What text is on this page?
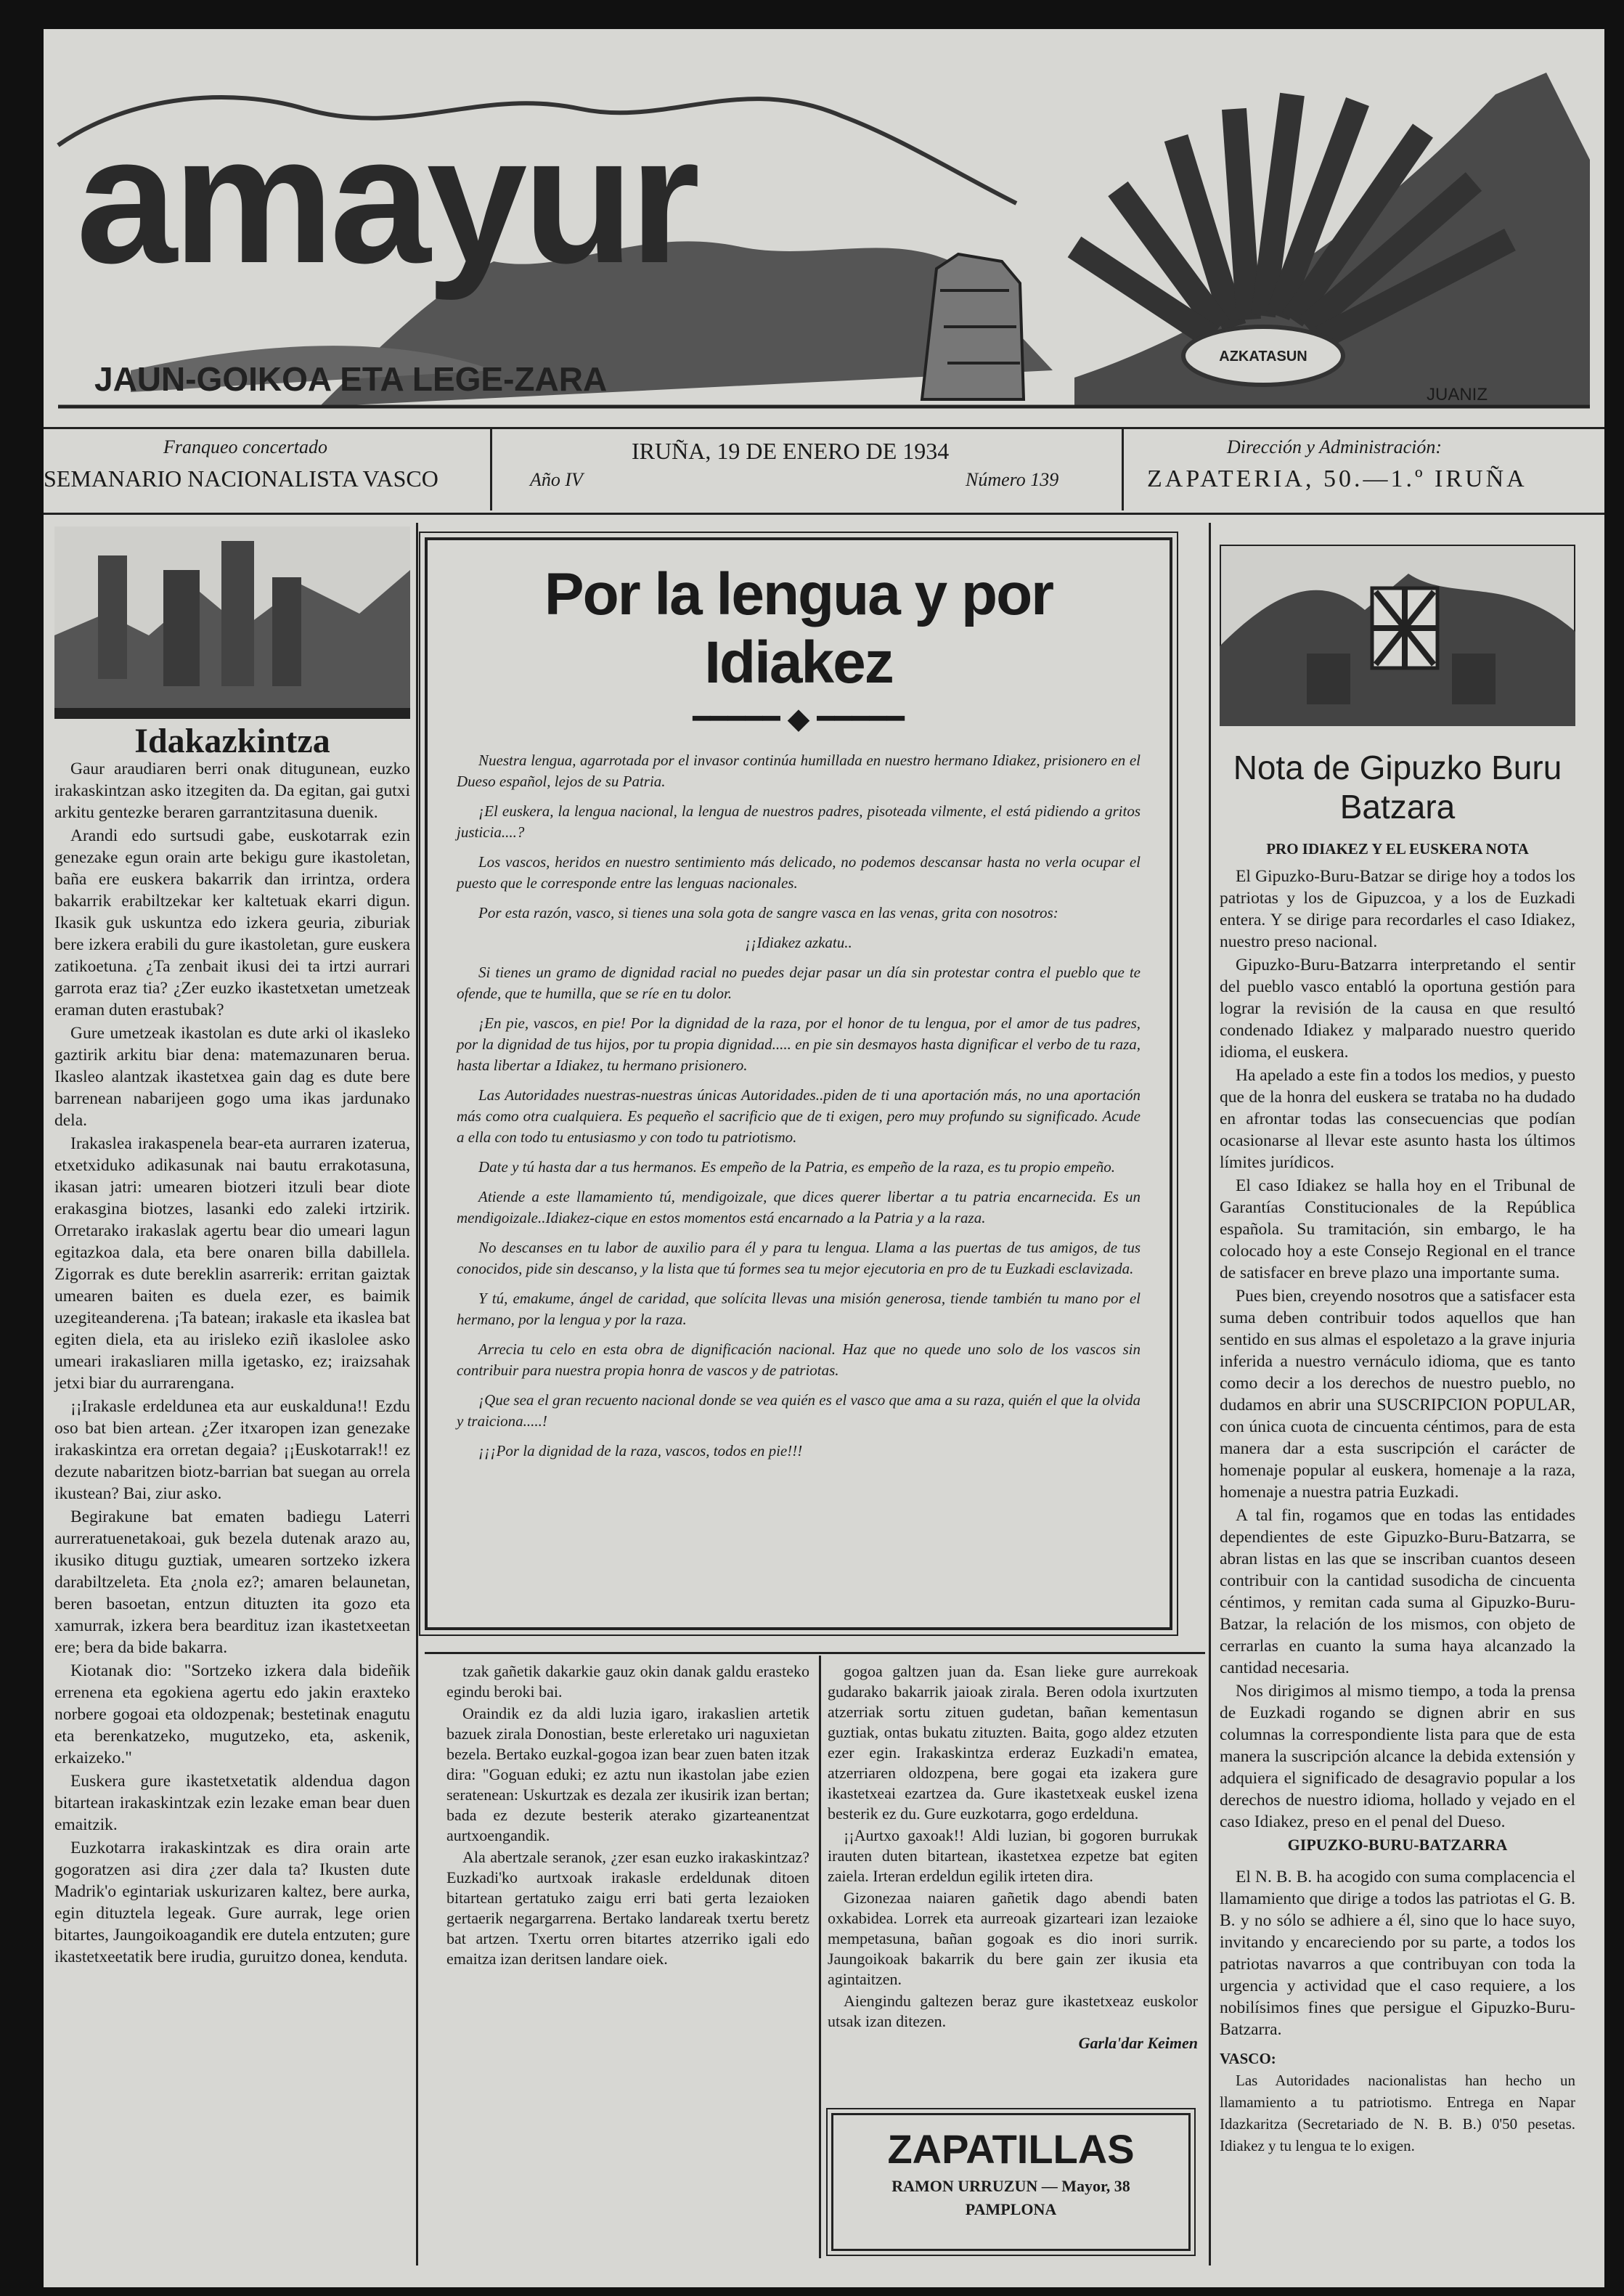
AZKATASUN
amayur
JAUN-GOIKOA ETA LEGE-ZARA	JUANIZ
Franqueo concertado
SEMANARIO NACIONALISTA VASCO
IRUÑA, 19 DE ENERO DE 1934
Año IV	Número 139
Dirección y Administración:
ZAPATERIA, 50.—1.º IRUÑA
Idakazkintza

Gaur araudiaren berri onak ditugunean, euzko irakaskintzan asko itzegiten da. Da egitan, gai gutxi arkitu gentezke beraren garrantzitasuna duenik.

Arandi edo surtsudi gabe, euskotarrak ezin genezake egun orain arte bekigu gure ikastoletan, baña ere euskera bakarrik dan irrintza, ordera bakarrik erabiltzekar ker kaltetuak ekarri digun. Ikasik guk uskuntza edo izkera geuria, ziburiak bere izkera erabili du gure ikastoletan, gure euskera zatikoetuna. ¿Ta zenbait ikusi dei ta irtzi aurrari garrota eraz tia? ¿Zer euzko ikastetxetan umetzeak eraman duten erastubak?

Gure umetzeak ikastolan es dute arki ol ikasleko gaztirik arkitu biar dena: matemazunaren berua. Ikasleo alantzak ikastetxea gain dag es dute bere barrenean nabarijeen gogo uma ikas jardunako dela.

Irakaslea irakaspenela bear-eta aurraren izaterua, etxetxiduko adikasunak nai bautu errakotasuna, ikasan jatri: umearen biotzeri itzuli bear diote erakasgina biotzes, lasanki edo zaleki irtzirik. Orretarako irakaslak agertu bear dio umeari lagun egitazkoa dala, eta bere onaren billa dabillela. Zigorrak es dute bereklin asarrerik: erritan gaiztak umearen baiten es duela ezer, es baimik uzegiteanderena. ¡Ta batean; irakasle eta ikaslea bat egiten diela, eta au irisleko eziñ ikaslolee asko umeari irakasliaren milla igetasko, ez; iraizsahak jetxi biar du aurrarengana.

¡¡Irakasle erdeldunea eta aur euskalduna!! Ezdu oso bat bien artean. ¿Zer itxaropen izan genezake irakaskintza era orretan degaia? ¡¡Euskotarrak!! ez dezute nabaritzen biotz-barrian bat suegan au orrela ikustean? Bai, ziur asko.

Begirakune bat ematen badiegu Laterri aurreratuenetakoai, guk bezela dutenak arazo au, ikusiko ditugu guztiak, umearen sortzeko izkera darabiltzeleta. Eta ¿nola ez?; amaren belaunetan, beren basoetan, entzun dituzten ita gozo eta xamurrak, izkera bera beardituz izan ikastetxeetan ere; bera da bide bakarra.

Kiotanak dio: "Sortzeko izkera dala bideñik errenena eta egokiena agertu edo jakin eraxteko norbere gogoai eta oldozpenak; bestetinak enagutu eta berenkatzeko, mugutzeko, eta, askenik, erkaizeko."

Euskera gure ikastetxetatik aldendua dagon bitartean irakaskintzak ezin lezake eman bear duen emaitzik.

Euzkotarra irakaskintzak es dira orain arte gogoratzen asi dira ¿zer dala ta? Ikusten dute Madrik'o egintariak uskurizaren kaltez, bere aurka, egin dituztela legeak. Gure aurrak, lege orien bitartes, Jaungoikoagandik ere dutela entzuten; gure ikastetxeetatik bere irudia, guruitzo donea, kenduta.

Por la lengua y por Idiakez
━━━━━ ◆ ━━━━━

Nuestra lengua, agarrotada por el invasor continúa humillada en nuestro hermano Idiakez, prisionero en el Dueso español, lejos de su Patria.

¡El euskera, la lengua nacional, la lengua de nuestros padres, pisoteada vilmente, el está pidiendo a gritos justicia....?

Los vascos, heridos en nuestro sentimiento más delicado, no podemos descansar hasta no verla ocupar el puesto que le corresponde entre las lenguas nacionales.

Por esta razón, vasco, si tienes una sola gota de sangre vasca en las venas, grita con nosotros:

¡¡Idiakez azkatu..

Si tienes un gramo de dignidad racial no puedes dejar pasar un día sin protestar contra el pueblo que te ofende, que te humilla, que se ríe en tu dolor.

¡En pie, vascos, en pie! Por la dignidad de la raza, por el honor de tu lengua, por el amor de tus padres, por la dignidad de tus hijos, por tu propia dignidad..... en pie sin desmayos hasta dignificar el verbo de tu raza, hasta libertar a Idiakez, tu hermano prisionero.

Las Autoridades nuestras-nuestras únicas Autoridades..piden de ti una aportación más, no una aportación más como otra cualquiera. Es pequeño el sacrificio que de ti exigen, pero muy profundo su significado. Acude a ella con todo tu entusiasmo y con todo tu patriotismo.

Date y tú hasta dar a tus hermanos. Es empeño de la Patria, es empeño de la raza, es tu propio empeño.

Atiende a este llamamiento tú, mendigoizale, que dices querer libertar a tu patria encarnecida. Es un mendigoizale..Idiakez-cique en estos momentos está encarnado a la Patria y a la raza.

No descanses en tu labor de auxilio para él y para tu lengua. Llama a las puertas de tus amigos, de tus conocidos, pide sin descanso, y la lista que tú formes sea tu mejor ejecutoria en pro de tu Euzkadi esclavizada.

Y tú, emakume, ángel de caridad, que solícita llevas una misión generosa, tiende también tu mano por el hermano, por la lengua y por la raza.

Arrecia tu celo en esta obra de dignificación nacional. Haz que no quede uno solo de los vascos sin contribuir para nuestra propia honra de vascos y de patriotas.

¡Que sea el gran recuento nacional donde se vea quién es el vasco que ama a su raza, quién el que la olvida y traiciona.....!

¡¡¡Por la dignidad de la raza, vascos, todos en pie!!!

Nota de Gipuzko Buru Batzara
PRO IDIAKEZ Y EL EUSKERA NOTA

El Gipuzko-Buru-Batzar se dirige hoy a todos los patriotas y los de Gipuzcoa, y a los de Euzkadi entera. Y se dirige para recordarles el caso Idiakez, nuestro preso nacional.

Gipuzko-Buru-Batzarra interpretando el sentir del pueblo vasco entabló la oportuna gestión para lograr la revisión de la causa en que resultó condenado Idiakez y malparado nuestro querido idioma, el euskera.

Ha apelado a este fin a todos los medios, y puesto que de la honra del euskera se trataba no ha dudado en afrontar todas las consecuencias que podían ocasionarse al llevar este asunto hasta los últimos límites jurídicos.

El caso Idiakez se halla hoy en el Tribunal de Garantías Constitucionales de la República española. Su tramitación, sin embargo, le ha colocado hoy a este Consejo Regional en el trance de satisfacer en breve plazo una importante suma.

Pues bien, creyendo nosotros que a satisfacer esta suma deben contribuir todos aquellos que han sentido en sus almas el espoletazo a la grave injuria inferida a nuestro vernáculo idioma, que es tanto como decir a los derechos de nuestro pueblo, no dudamos en abrir una SUSCRIPCION POPULAR, con única cuota de cincuenta céntimos, para de esta manera dar a esta suscripción el carácter de homenaje popular al euskera, homenaje a la raza, homenaje a nuestra patria Euzkadi.

A tal fin, rogamos que en todas las entidades dependientes de este Gipuzko-Buru-Batzarra, se abran listas en las que se inscriban cuantos deseen contribuir con la cantidad susodicha de cincuenta céntimos, y remitan cada suma al Gipuzko-Buru-Batzar, la relación de los mismos, con objeto de cerrarlas en cuanto la suma haya alcanzado la cantidad necesaria.

Nos dirigimos al mismo tiempo, a toda la prensa de Euzkadi rogando se dignen abrir en sus columnas la correspondiente lista para que de esta manera la suscripción alcance la debida extensión y adquiera el significado de desagravio popular a los derechos de nuestro idioma, hollado y vejado en el caso Idiakez, preso en el penal del Dueso.

GIPUZKO-BURU-BATZARRA

El N. B. B. ha acogido con suma complacencia el llamamiento que dirige a todos las patriotas el G. B. B. y no sólo se adhiere a él, sino que lo hace suyo, invitando y encareciendo por su parte, a todos los patriotas navarros a que contribuyan con toda la urgencia y actividad que el caso requiere, a los nobilísimos fines que persigue el Gipuzko-Buru-Batzarra.

VASCO:

Las Autoridades nacionalistas han hecho un llamamiento a tu patriotismo. Entrega en Napar Idazkaritza (Secretariado de N. B. B.) 0'50 pesetas. Idiakez y tu lengua te lo exigen.

tzak gañetik dakarkie gauz okin danak galdu erasteko egindu beroki bai.

Oraindik ez da aldi luzia igaro, irakaslien artetik bazuek zirala Donostian, beste erleretako uri naguxietan bezela. Bertako euzkal-gogoa izan bear zuen baten itzak dira: "Goguan eduki; ez aztu nun ikastolan jabe ezien seratenean: Uskurtzak es dezala zer ikusirik izan bertan; bada ez dezute besterik aterako gizarteanentzat aurtxoengandik.

Ala abertzale seranok, ¿zer esan euzko irakaskintzaz? Euzkadi'ko aurtxoak irakasle erdeldunak ditoen bitartean gertatuko zaigu erri bati gerta lezaioken gertaerik negargarrena. Bertako landareak txertu beretz bat artzen. Txertu orren bitartes atzerriko igali edo emaitza izan deritsen landare oiek.

gogoa galtzen juan da. Esan lieke gure aurrekoak gudarako bakarrik jaioak zirala. Beren odola ixurtzuten atzerriak sortu zituen gudetan, bañan kementasun guztiak, ontas bukatu zituzten. Baita, gogo aldez etzuten ezer egin. Irakaskintza erderaz Euzkadi'n ematea, atzerriaren oldozpena, bere gogai eta izakera gure ikastetxeai ezartzea da. Gure ikastetxeak euskel izena besterik ez du. Gure euzkotarra, gogo erdelduna.

¡¡Aurtxo gaxoak!! Aldi luzian, bi gogoren burrukak irauten duten bitartean, ikastetxea ezpetze bat egiten zaiela. Irteran erdeldun egilik irteten dira.

Gizonezaa naiaren gañetik dago abendi baten oxkabidea. Lorrek eta aurreoak gizarteari izan lezaioke mempetasuna, bañan gogoak es dio inori surrik. Jaungoikoak bakarrik du bere gain zer ikusia eta agintaitzen.

Aiengindu galtezen beraz gure ikastetxeaz euskolor utsak izan ditezen.

Garla'dar Keimen
ZAPATILLAS
RAMON URRUZUN — Mayor, 38
PAMPLONA
